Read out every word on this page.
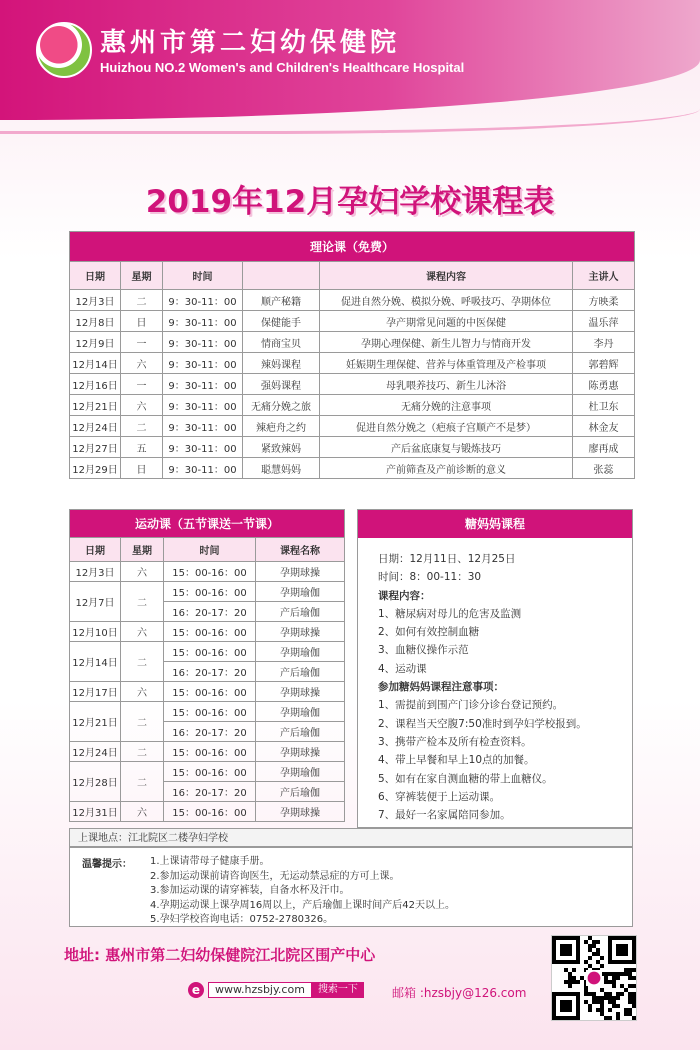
惠州市第二妇幼保健院
Huizhou NO.2 Women's and Children's Healthcare Hospital
2019年12月孕妇学校课程表
理论课（免费）					
日期	星期	时间		课程内容	主讲人
12月3日	二	9：30-11：00	顺产秘籍	促进自然分娩、模拟分娩、呼吸技巧、孕期体位	方映柔
12月8日	日	9：30-11：00	保健能手	孕产期常见问题的中医保健	温乐萍
12月9日	一	9：30-11：00	情商宝贝	孕期心理保健、新生儿智力与情商开发	李丹
12月14日	六	9：30-11：00	辣妈课程	妊娠期生理保健、营养与体重管理及产检事项	郭碧辉
12月16日	一	9：30-11：00	强妈课程	母乳喂养技巧、新生儿沐浴	陈勇惠
12月21日	六	9：30-11：00	无痛分娩之旅	无痛分娩的注意事项	杜卫东
12月24日	二	9：30-11：00	辣疤舟之约	促进自然分娩之（疤痕子宫顺产不是梦）	林金友
12月27日	五	9：30-11：00	紧致辣妈	产后盆底康复与锻炼技巧	廖再成
12月29日	日	9：30-11：00	聪慧妈妈	产前筛查及产前诊断的意义	张蕊
运动课（五节课送一节课）			
日期	星期	时间	课程名称
12月3日	六	15：00-16：00	孕期球操
12月7日	二	15：00-16：00	孕期瑜伽
		16：20-17：20	产后瑜伽
12月10日	六	15：00-16：00	孕期球操
12月14日	二	15：00-16：00	孕期瑜伽
		16：20-17：20	产后瑜伽
12月17日	六	15：00-16：00	孕期球操
12月21日	二	15：00-16：00	孕期瑜伽
		16：20-17：20	产后瑜伽
12月24日	二	15：00-16：00	孕期球操
12月28日	二	15：00-16：00	孕期瑜伽
		16：20-17：20	产后瑜伽
12月31日	六	15：00-16：00	孕期球操
糖妈妈课程
日期：12月11日、12月25日
时间：8：00-11：30
课程内容：
1、糖尿病对母儿的危害及监测
2、如何有效控制血糖
3、血糖仪操作示范
4、运动课
参加糖妈妈课程注意事项：
1、需提前到围产门诊分诊台登记预约。
2、课程当天空腹7:50准时到孕妇学校报到。
3、携带产检本及所有检查资料。
4、带上早餐和早上10点的加餐。
5、如有在家自测血糖的带上血糖仪。
6、穿裤装便于上运动课。
7、最好一名家属陪同参加。
上课地点：江北院区二楼孕妇学校
温馨提示： 1.上课请带母子健康手册。
2.参加运动课前请咨询医生，无运动禁忌症的方可上课。
3.参加运动课的请穿裤装，自备水杯及汗巾。
4.孕期运动课上课孕周16周以上，产后瑜伽上课时间产后42天以上。
5.孕妇学校咨询电话：0752-2780326。
地址: 惠州市第二妇幼保健院江北院区围产中心
e	www.hzsbjy.com	搜索一下	邮箱 :hzsbjy@126.com
